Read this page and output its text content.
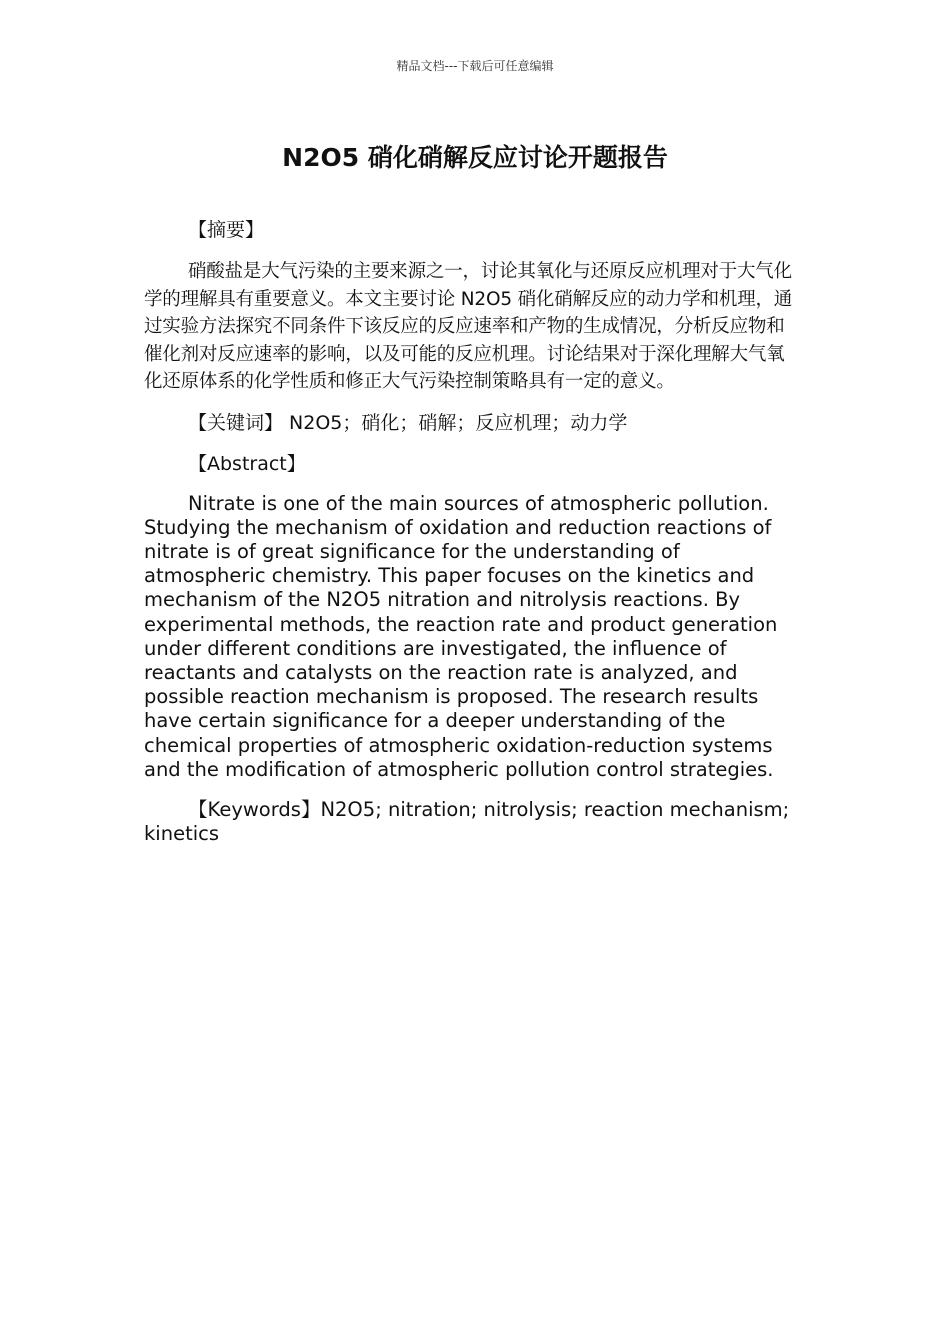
精品文档---下载后可任意编辑
N2O5 硝化硝解反应讨论开题报告

【摘要】

硝酸盐是大气污染的主要来源之一，讨论其氧化与还原反应机理对于大气化学的理解具有重要意义。本文主要讨论 N2O5 硝化硝解反应的动力学和机理，通过实验方法探究不同条件下该反应的反应速率和产物的生成情况，分析反应物和催化剂对反应速率的影响，以及可能的反应机理。讨论结果对于深化理解大气氧化还原体系的化学性质和修正大气污染控制策略具有一定的意义。

【关键词】 N2O5；硝化；硝解；反应机理；动力学

【Abstract】

Nitrate is one of the main sources of atmospheric pollution. Studying the mechanism of oxidation and reduction reactions of nitrate is of great significance for the understanding of atmospheric chemistry. This paper focuses on the kinetics and mechanism of the N2O5 nitration and nitrolysis reactions. By experimental methods, the reaction rate and product generation under different conditions are investigated, the influence of reactants and catalysts on the reaction rate is analyzed, and possible reaction mechanism is proposed. The research results have certain significance for a deeper understanding of the chemical properties of atmospheric oxidation-reduction systems and the modification of atmospheric pollution control strategies.

【Keywords】N2O5; nitration; nitrolysis; reaction mechanism; kinetics
